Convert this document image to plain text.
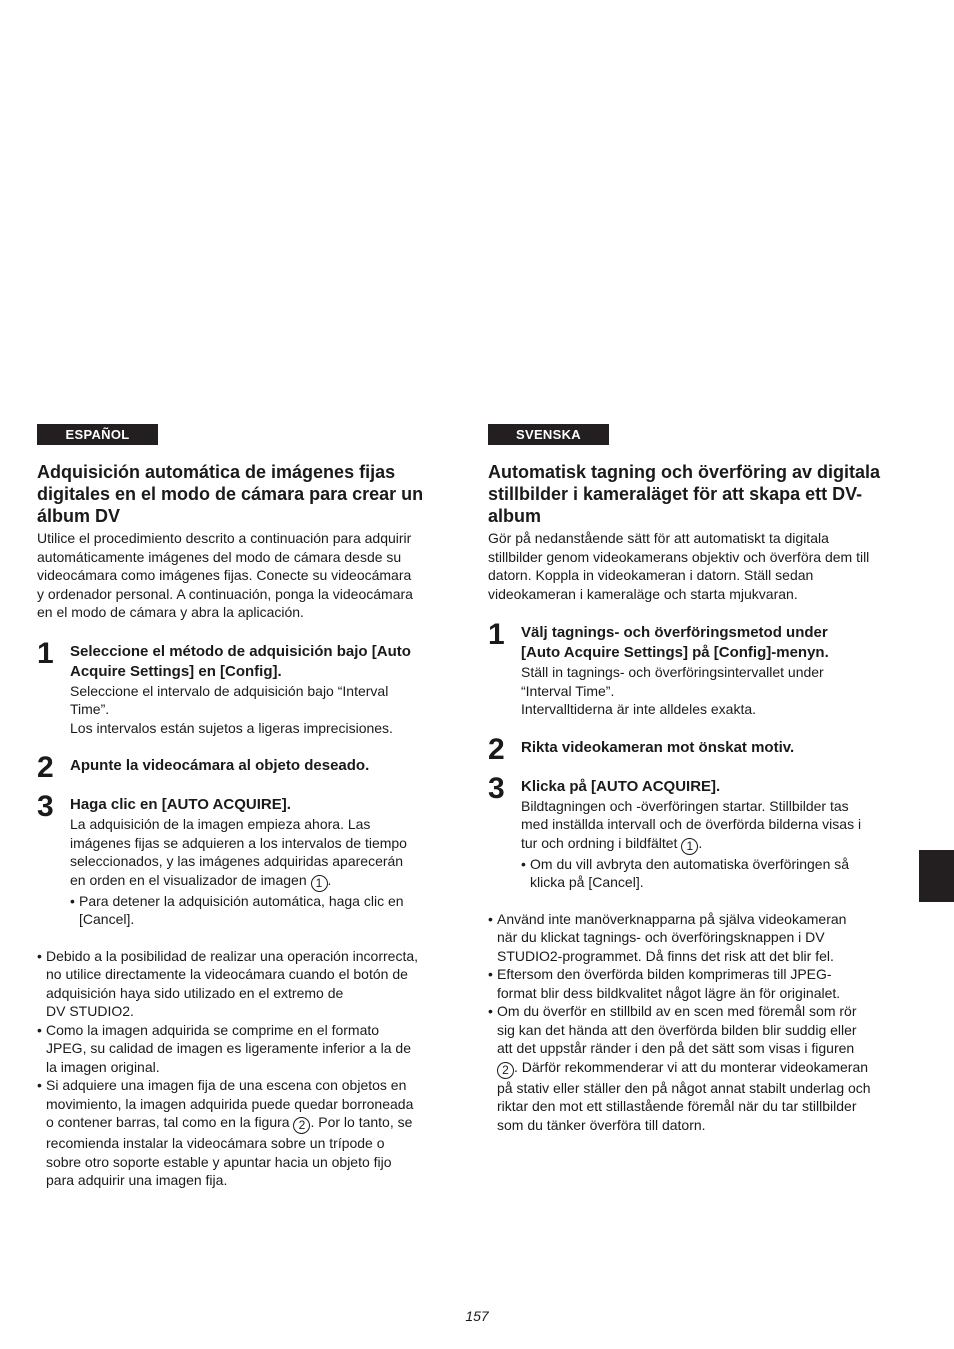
ESPAÑOL
Adquisición automática de imágenes fijas
digitales en el modo de cámara para crear un
álbum DV
Utilice el procedimiento descrito a continuación para adquirir
automáticamente imágenes del modo de cámara desde su
videocámara como imágenes fijas. Conecte su videocámara
y ordenador personal. A continuación, ponga la videocámara
en el modo de cámara y abra la aplicación.
1 Seleccione el método de adquisición bajo [Auto
Acquire Settings] en [Config].
Seleccione el intervalo de adquisición bajo “Interval
Time”.
Los intervalos están sujetos a ligeras imprecisiones.
2 Apunte la videocámara al objeto deseado.
3 Haga clic en [AUTO ACQUIRE].
La adquisición de la imagen empieza ahora. Las
imágenes fijas se adquieren a los intervalos de tiempo
seleccionados, y las imágenes adquiridas aparecerán
en orden en el visualizador de imagen 1 .
• Para detener la adquisición automática, haga clic en
[Cancel].
• Debido a la posibilidad de realizar una operación incorrecta,
no utilice directamente la videocámara cuando el botón de
adquisición haya sido utilizado en el extremo de
DV STUDIO2.
• Como la imagen adquirida se comprime en el formato
JPEG, su calidad de imagen es ligeramente inferior a la de
la imagen original.
• Si adquiere una imagen fija de una escena con objetos en
movimiento, la imagen adquirida puede quedar borroneada
o contener barras, tal como en la figura 2 . Por lo tanto, se
recomienda instalar la videocámara sobre un trípode o
sobre otro soporte estable y apuntar hacia un objeto fijo
para adquirir una imagen fija.
SVENSKA
Automatisk tagning och överföring av digitala
stillbilder i kameraläget för att skapa ett DV-
album
Gör på nedanstående sätt för att automatiskt ta digitala
stillbilder genom videokamerans objektiv och överföra dem till
datorn. Koppla in videokameran i datorn. Ställ sedan
videokameran i kameraläge och starta mjukvaran.
1 Välj tagnings- och överföringsmetod under
[Auto Acquire Settings] på [Config]-menyn.
Ställ in tagnings- och överföringsintervallet under
“Interval Time”.
Intervalltiderna är inte alldeles exakta.
2 Rikta videokameran mot önskat motiv.
3 Klicka på [AUTO ACQUIRE].
Bildtagningen och -överföringen startar. Stillbilder tas
med inställda intervall och de överförda bilderna visas i
tur och ordning i bildfältet 1 .
• Om du vill avbryta den automatiska överföringen så
klicka på [Cancel].
• Använd inte manöverknapparna på själva videokameran
när du klickat tagnings- och överföringsknappen i DV
STUDIO2-programmet. Då finns det risk att det blir fel.
• Eftersom den överförda bilden komprimeras till JPEG-
format blir dess bildkvalitet något lägre än för originalet.
• Om du överför en stillbild av en scen med föremål som rör
sig kan det hända att den överförda bilden blir suddig eller
att det uppstår ränder i den på det sätt som visas i figuren
2 . Därför rekommenderar vi att du monterar videokameran
på stativ eller ställer den på något annat stabilt underlag och
riktar den mot ett stillastående föremål när du tar stillbilder
som du tänker överföra till datorn.
157
